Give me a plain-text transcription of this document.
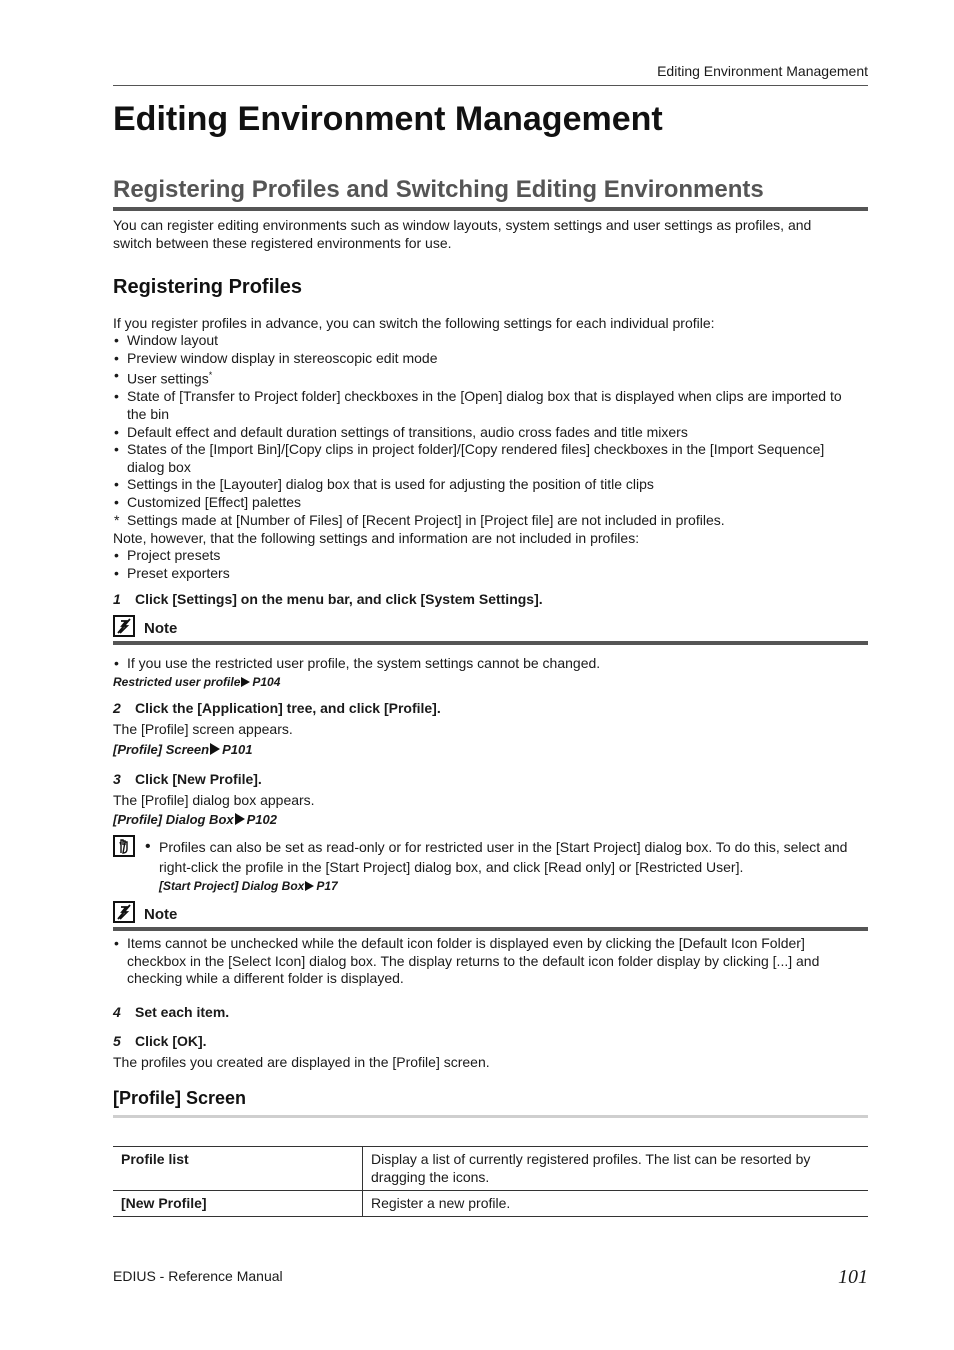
Editing Environment Management
Editing Environment Management
Registering Profiles and Switching Editing Environments

You can register editing environments such as window layouts, system settings and user settings as profiles, and

switch between these registered environments for use.

Registering Profiles

If you register profiles in advance, you can switch the following settings for each individual profile:

• Window layout
• Preview window display in stereoscopic edit mode
• User settings*
• State of [Transfer to Project folder] checkboxes in the [Open] dialog box that is displayed when clips are imported to
the bin
• Default effect and default duration settings of transitions, audio cross fades and title mixers
• States of the [Import Bin]/[Copy clips in project folder]/[Copy rendered files] checkboxes in the [Import Sequence]
dialog box
• Settings in the [Layouter] dialog box that is used for adjusting the position of title clips
• Customized [Effect] palettes
* Settings made at [Number of Files] of [Recent Project] in [Project file] are not included in profiles.

Note, however, that the following settings and information are not included in profiles:

• Project presets
• Preset exporters
1 Click [Settings] on the menu bar, and click [System Settings].
Note
• If you use the restricted user profile, the system settings cannot be changed.
Restricted user profile P104
2 Click the [Application] tree, and click [Profile].

The [Profile] screen appears.

[Profile] Screen P101
3 Click [New Profile].

The [Profile] dialog box appears.

[Profile] Dialog Box P102
• Profiles can also be set as read-only or for restricted user in the [Start Project] dialog box. To do this, select and
right-click the profile in the [Start Project] dialog box, and click [Read only] or [Restricted User].
[Start Project] Dialog Box P17
Note
• Items cannot be unchecked while the default icon folder is displayed even by clicking the [Default Icon Folder]
checkbox in the [Select Icon] dialog box. The display returns to the default icon folder display by clicking [...] and
checking while a different folder is displayed.
4 Set each item.
5 Click [OK].

The profiles you created are displayed in the [Profile] screen.

[Profile] Screen
Profile list	Display a list of currently registered profiles. The list can be resorted by
dragging the icons.
[New Profile]	Register a new profile.
EDIUS - Reference Manual	101
